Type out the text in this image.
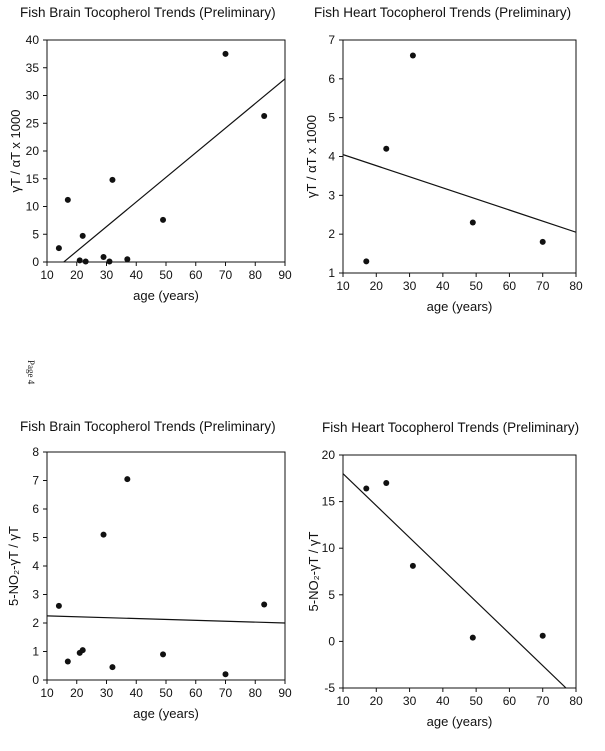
Page 4
Fish Brain Tocopherol Trends (Preliminary)
10 20 30 40 50 60 70 80 90
0
5
10
15
20
25
30
35
40
age (years)
γT / αT x 1000
Fish Heart Tocopherol Trends (Preliminary)
10 20 30 40 50 60 70 80
1
2
3
4
5
6
7
age (years)
γT / αT x 1000
Fish Brain Tocopherol Trends (Preliminary)
10 20 30 40 50 60 70 80 90
0
1
2
3
4
5
6
7
8
age (years)
5-NO₂-γT / γT
Fish Heart Tocopherol Trends (Preliminary)
10 20 30 40 50 60 70 80
-5
0
5
10
15
20
age (years)
5-NO₂-γT / γT
